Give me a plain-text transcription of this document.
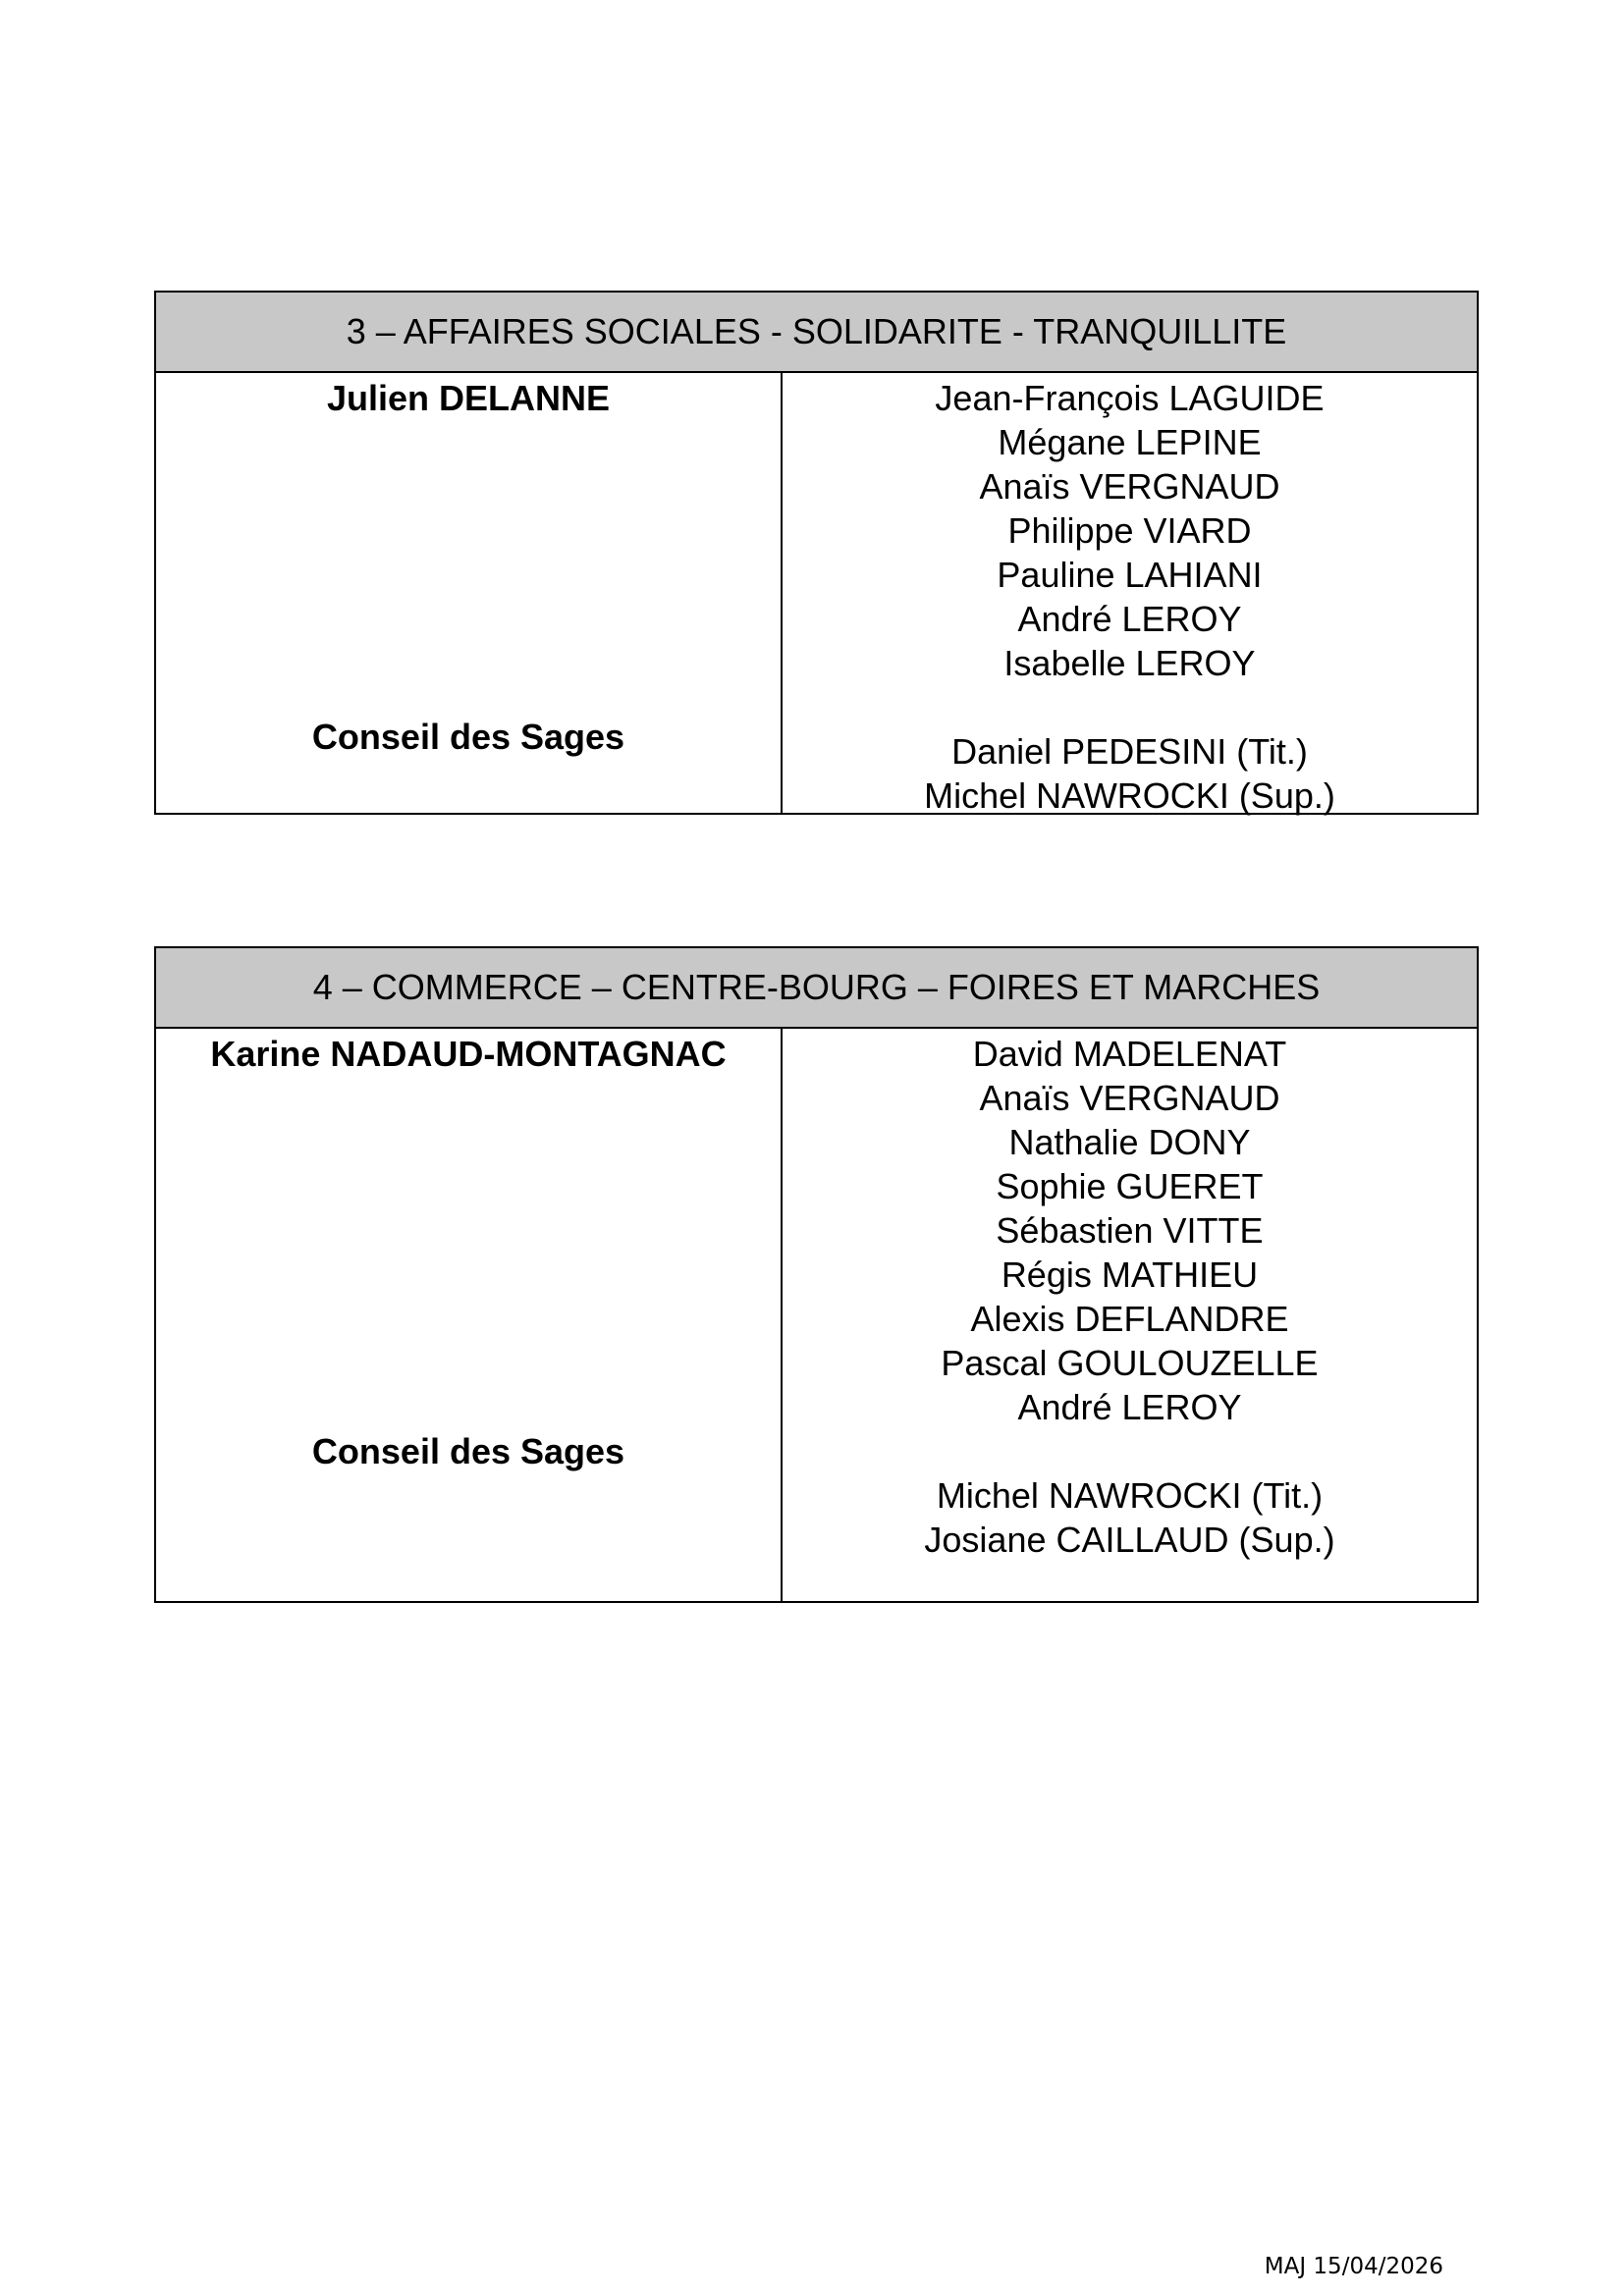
3 – AFFAIRES SOCIALES - SOLIDARITE - TRANQUILLITE
Julien DELANNE
Conseil des Sages
Jean-François LAGUIDE
Mégane LEPINE
Anaïs VERGNAUD
Philippe VIARD
Pauline LAHIANI
André LEROY
Isabelle LEROY
Daniel PEDESINI (Tit.)
Michel NAWROCKI (Sup.)
4 – COMMERCE – CENTRE-BOURG – FOIRES ET MARCHES
Karine NADAUD-MONTAGNAC
Conseil des Sages
David MADELENAT
Anaïs VERGNAUD
Nathalie DONY
Sophie GUERET
Sébastien VITTE
Régis MATHIEU
Alexis DEFLANDRE
Pascal GOULOUZELLE
André LEROY
Michel NAWROCKI (Tit.)
Josiane CAILLAUD (Sup.)
MAJ 15/04/2026
